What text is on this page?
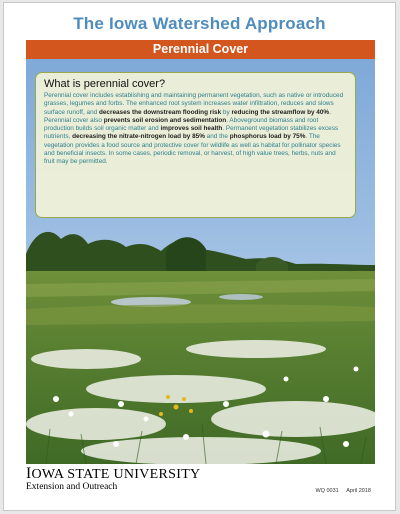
The Iowa Watershed Approach
Perennial Cover
What is perennial cover?

Perennial cover includes establishing and maintaining permanent vegetation, such as native or introduced grasses, legumes and forbs. The enhanced root system increases water infiltration, reduces and slows surface runoff, and decreases the downstream flooding risk by reducing the streamflow by 40%. Perennial cover also prevents soil erosion and sedimentation. Aboveground biomass and root production builds soil organic matter and improves soil health. Permanent vegetation stabilizes excess nutrients, decreasing the nitrate-nitrogen load by 85% and the phosphorus load by 75%. The vegetation provides a food source and protective cover for wildlife as well as habitat for pollinator species and beneficial insects. In some cases, periodic removal, or harvest, of high value trees, herbs, nuts and fruit may be permitted.

IOWA STATE UNIVERSITY
Extension and Outreach	WQ 0031 April 2018
